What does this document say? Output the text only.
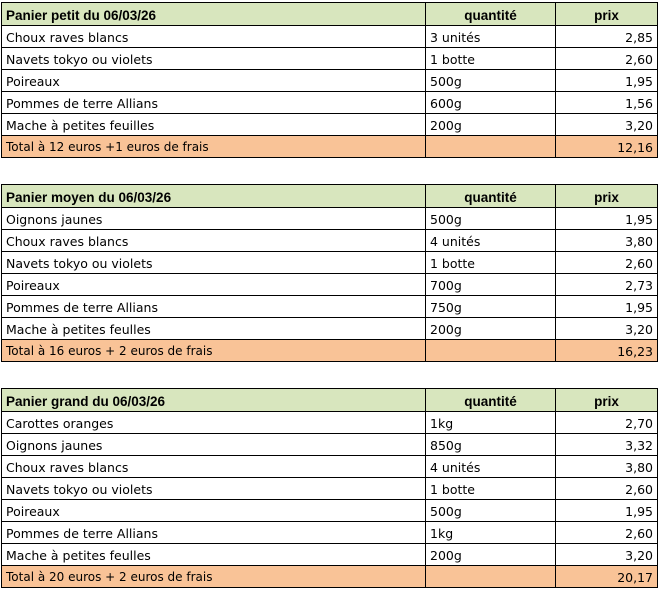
Panier petit du 06/03/26	quantité	prix
Choux raves blancs	3 unités	2,85
Navets tokyo ou violets	1 botte	2,60
Poireaux	500g	1,95
Pommes de terre Allians	600g	1,56
Mache à petites feuilles	200g	3,20
Total à 12 euros +1 euros de frais		12,16
Panier moyen du 06/03/26	quantité	prix
Oignons jaunes	500g	1,95
Choux raves blancs	4 unités	3,80
Navets tokyo ou violets	1 botte	2,60
Poireaux	700g	2,73
Pommes de terre Allians	750g	1,95
Mache à petites feulles	200g	3,20
Total à 16 euros + 2 euros de frais		16,23
Panier grand du 06/03/26	quantité	prix
Carottes oranges	1kg	2,70
Oignons jaunes	850g	3,32
Choux raves blancs	4 unités	3,80
Navets tokyo ou violets	1 botte	2,60
Poireaux	500g	1,95
Pommes de terre Allians	1kg	2,60
Mache à petites feulles	200g	3,20
Total à 20 euros + 2 euros de frais		20,17
